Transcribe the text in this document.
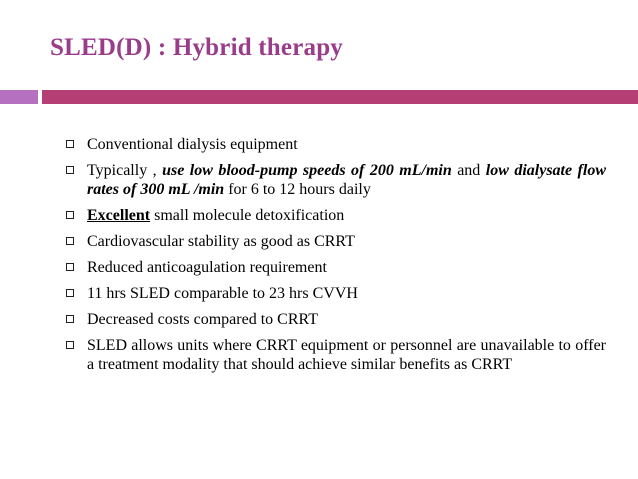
SLED(D) : Hybrid therapy
Conventional dialysis equipment
Typically , use low blood-pump speeds of 200 mL/min and low dialysate flow rates of 300 mL /min for 6 to 12 hours daily
Excellent small molecule detoxification
Cardiovascular stability as good as CRRT
Reduced anticoagulation requirement
11 hrs SLED comparable to 23 hrs CVVH
Decreased costs compared to CRRT
SLED allows units where CRRT equipment or personnel are unavailable to offer a treatment modality that should achieve similar benefits as CRRT
